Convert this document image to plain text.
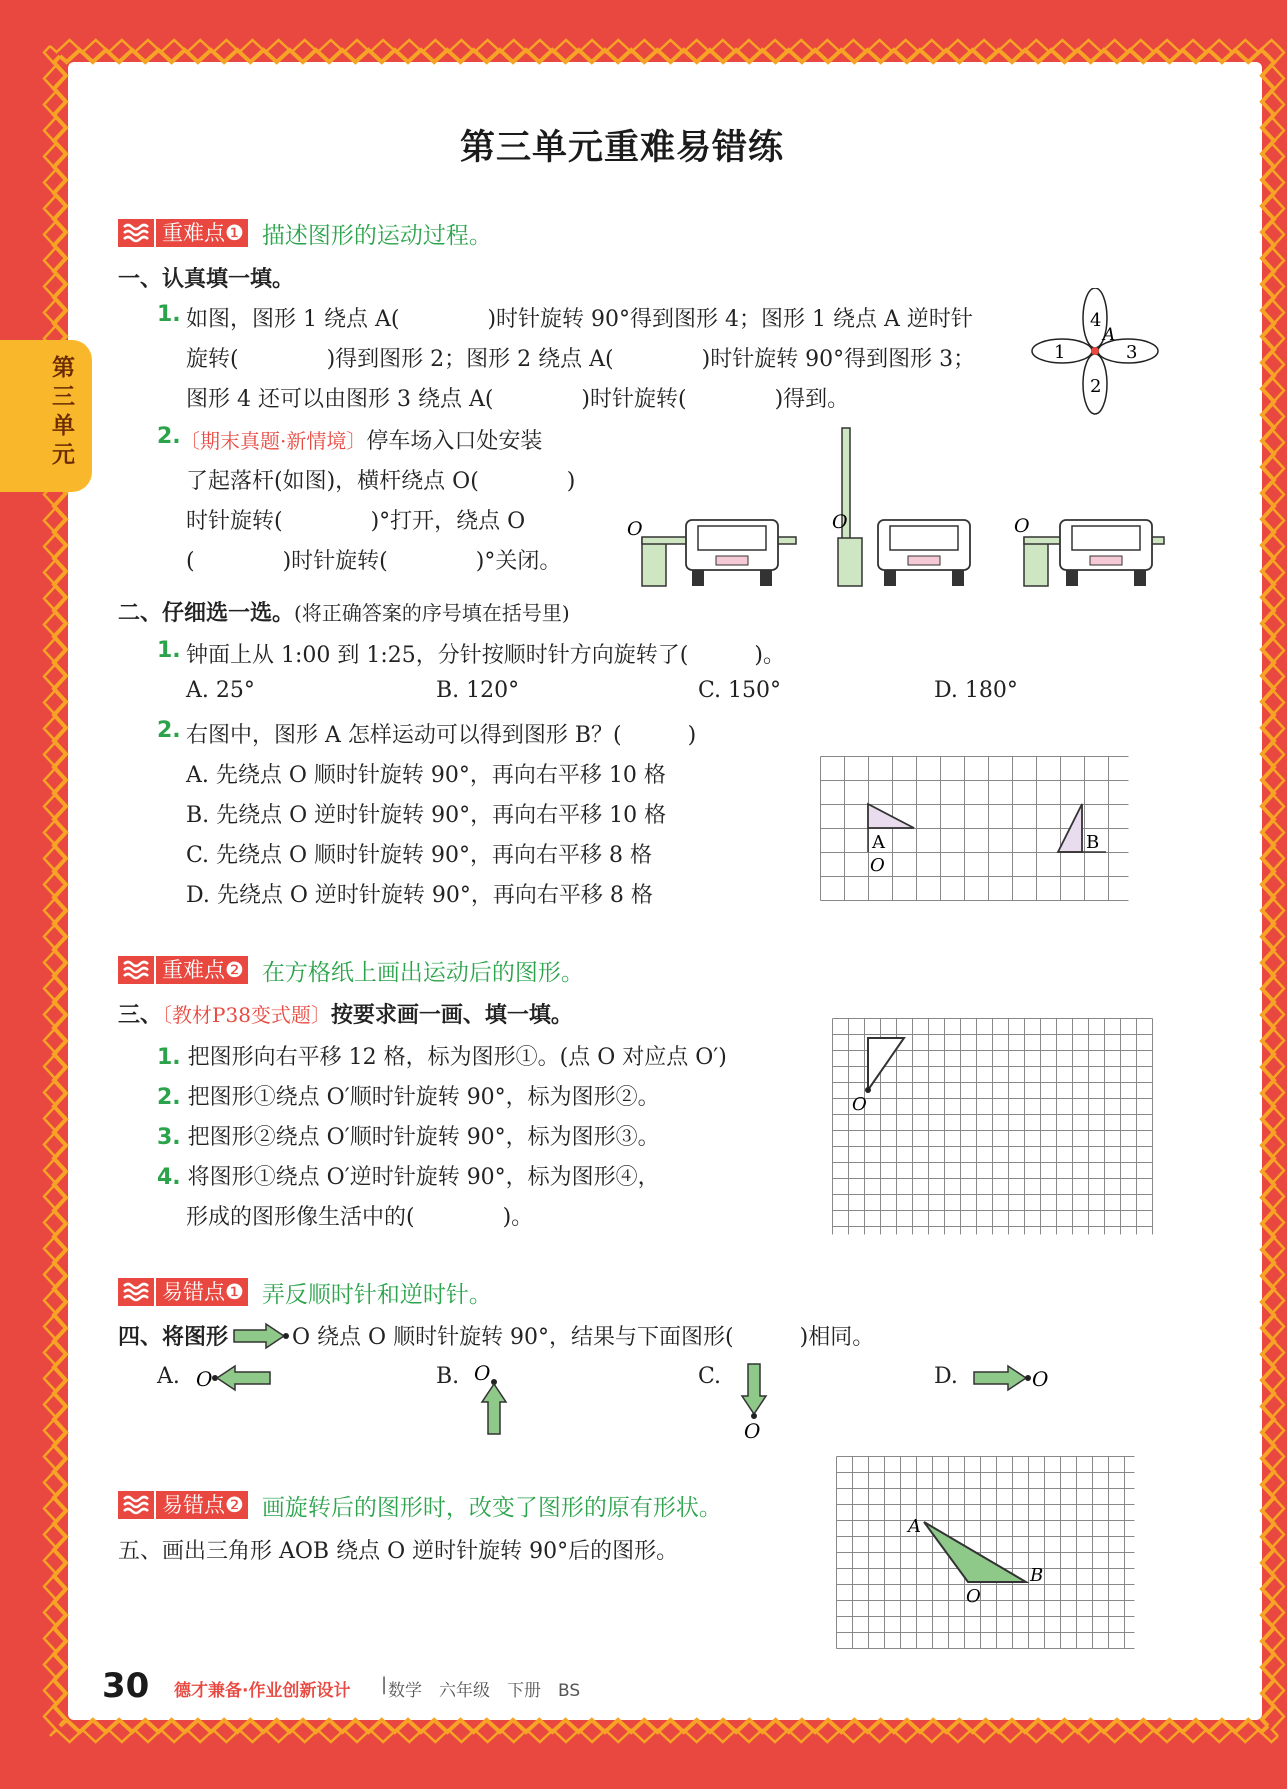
第三单元
第三单元重难易错练
重难点❶ 描述图形的运动过程。
一、认真填一填。
1. 如图，图形 1 绕点 A(　　　　)时针旋转 90°得到图形 4；图形 1 绕点 A 逆时针
旋转(　　　　)得到图形 2；图形 2 绕点 A(　　　　)时针旋转 90°得到图形 3；
图形 4 还可以由图形 3 绕点 A(　　　　)时针旋转(　　　　)得到。
4
1	3
2
A
2. 〔期末真题·新情境〕停车场入口处安装
了起落杆(如图)，横杆绕点 O(　　　　)
时针旋转(　　　　)°打开，绕点 O
(　　　　)时针旋转(　　　　)°关闭。
O	O	O
二、仔细选一选。(将正确答案的序号填在括号里)
1. 钟面上从 1:00 到 1:25，分针按顺时针方向旋转了(　　　)。
A. 25°	B. 120°	C. 150°	D. 180°
2. 右图中，图形 A 怎样运动可以得到图形 B？(　　　)
A. 先绕点 O 顺时针旋转 90°，再向右平移 10 格
B. 先绕点 O 逆时针旋转 90°，再向右平移 10 格
C. 先绕点 O 顺时针旋转 90°，再向右平移 8 格
D. 先绕点 O 逆时针旋转 90°，再向右平移 8 格
A
O
B
重难点❷ 在方格纸上画出运动后的图形。
三、〔教材P38变式题〕按要求画一画、填一填。
1. 把图形向右平移 12 格，标为图形①。(点 O 对应点 O′)
2. 把图形①绕点 O′顺时针旋转 90°，标为图形②。
3. 把图形②绕点 O′顺时针旋转 90°，标为图形③。
4. 将图形①绕点 O′逆时针旋转 90°，标为图形④，
形成的图形像生活中的(　　　　)。
O
易错点❶ 弄反顺时针和逆时针。
四、将图形	O 绕点 O 顺时针旋转 90°，结果与下面图形(　　　)相同。
A. O	B. O	C.
O
D.	O
易错点❷ 画旋转后的图形时，改变了图形的原有形状。
五、画出三角形 AOB 绕点 O 逆时针旋转 90°后的图形。
A
O
B
30 德才兼备·作业创新设计 | 数学　六年级　下册　BS
